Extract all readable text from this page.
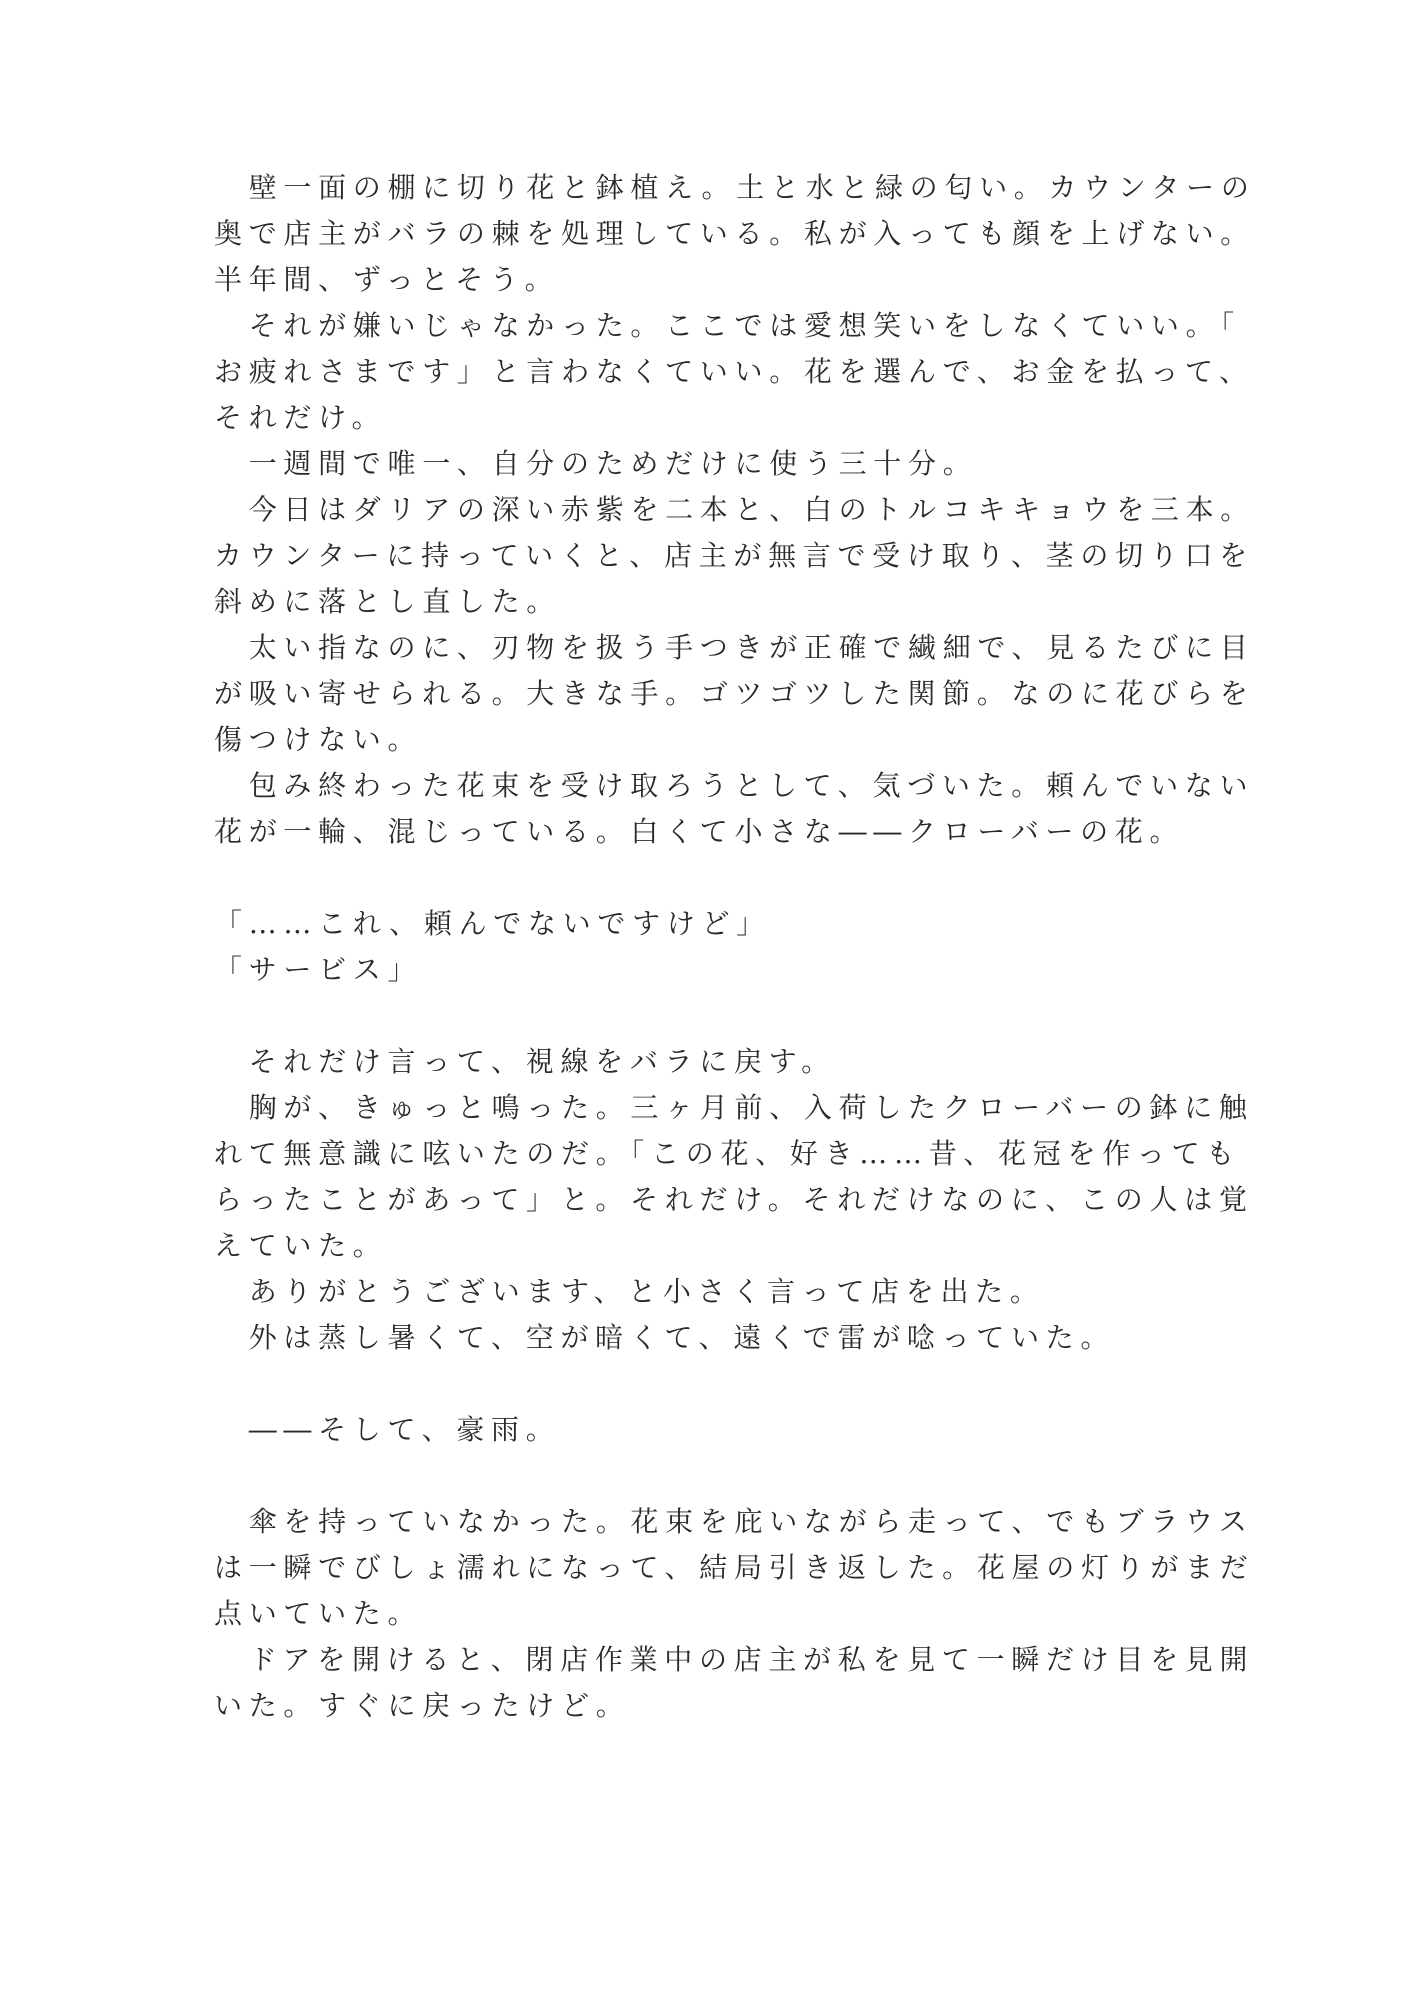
　壁一面の棚に切り花と鉢植え。土と水と緑の匂い。カウンターの
奥で店主がバラの棘を処理している。私が入っても顔を上げない。
半年間、ずっとそう。
　それが嫌いじゃなかった。ここでは愛想笑いをしなくていい。「
お疲れさまです」と言わなくていい。花を選んで、お金を払って、
それだけ。
　一週間で唯一、自分のためだけに使う三十分。
　今日はダリアの深い赤紫を二本と、白のトルコキキョウを三本。
カウンターに持っていくと、店主が無言で受け取り、茎の切り口を
斜めに落とし直した。
　太い指なのに、刃物を扱う手つきが正確で繊細で、見るたびに目
が吸い寄せられる。大きな手。ゴツゴツした関節。なのに花びらを
傷つけない。
　包み終わった花束を受け取ろうとして、気づいた。頼んでいない
花が一輪、混じっている。白くて小さな――クローバーの花。
「……これ、頼んでないですけど」
「サービス」
　それだけ言って、視線をバラに戻す。
　胸が、きゅっと鳴った。三ヶ月前、入荷したクローバーの鉢に触
れて無意識に呟いたのだ。「この花、好き……昔、花冠を作っても
らったことがあって」と。それだけ。それだけなのに、この人は覚
えていた。
　ありがとうございます、と小さく言って店を出た。
　外は蒸し暑くて、空が暗くて、遠くで雷が唸っていた。
　――そして、豪雨。
　傘を持っていなかった。花束を庇いながら走って、でもブラウス
は一瞬でびしょ濡れになって、結局引き返した。花屋の灯りがまだ
点いていた。
　ドアを開けると、閉店作業中の店主が私を見て一瞬だけ目を見開
いた。すぐに戻ったけど。
